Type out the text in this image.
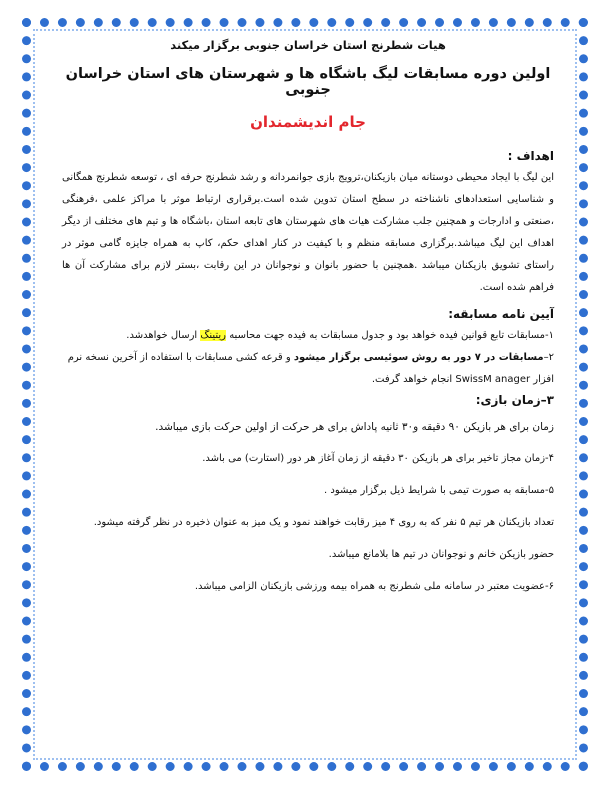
هیات شطرنج استان خراسان جنوبی برگزار میکند

اولین دوره مسابقات لیگ باشگاه ها و شهرستان های استان خراسان جنوبی

جام اندیشمندان

اهداف :

این لیگ با ایجاد محیطی دوستانه میان بازیکنان،ترویج بازی جوانمردانه و رشد شطرنج حرفه ای ، توسعه شطرنج همگانی و شناسایی استعدادهای ناشناخته در سطح استان تدوین شده است.برقراری ارتباط موثر با مراکز علمی ،فرهنگی ،صنعتی و ادارجات و همچنین جلب مشارکت هیات های شهرستان های تابعه استان ،باشگاه ها و تیم های مختلف از دیگر اهداف این لیگ میباشد.برگزاری مسابقه منظم و با کیفیت در کنار اهدای حکم، کاپ به همراه جایزه گامی موثر در راستای تشویق بازیکنان میباشد .همچنین با حضور بانوان و نوجوانان در این رقابت ،بستر لازم برای مشارکت آن ها فراهم شده است.

آیین نامه مسابقه:

۱-مسابقات تابع قوانین فیده خواهد بود و جدول مسابقات به فیده جهت محاسبه ریتینگ ارسال خواهدشد.

۲–مسابقات در ۷ دور به روش سوئیسی برگزار میشود و قرعه کشی مسابقات با استفاده از آخرین نسخه نرم افزار SwissM anager انجام خواهد گرفت.

۳–زمان بازی:

زمان برای هر بازیکن ۹۰ دقیقه و۳۰ ثانیه پاداش برای هر حرکت از اولین حرکت بازی میباشد.

۴-زمان مجاز تاخیر برای هر بازیکن ۳۰ دقیقه از زمان آغاز هر دور (استارت) می باشد.

۵-مسابقه به صورت تیمی با شرایط ذیل برگزار میشود .

تعداد بازیکنان هر تیم ۵ نفر که به روی ۴ میز رقابت خواهند نمود و یک میز به عنوان ذخیره در نظر گرفته میشود.

حضور بازیکن خانم و نوجوانان در تیم ها بلامانع میباشد.

۶-عضویت معتبر در سامانه ملی شطرنج به همراه بیمه ورزشی بازیکنان الزامی میباشد.
